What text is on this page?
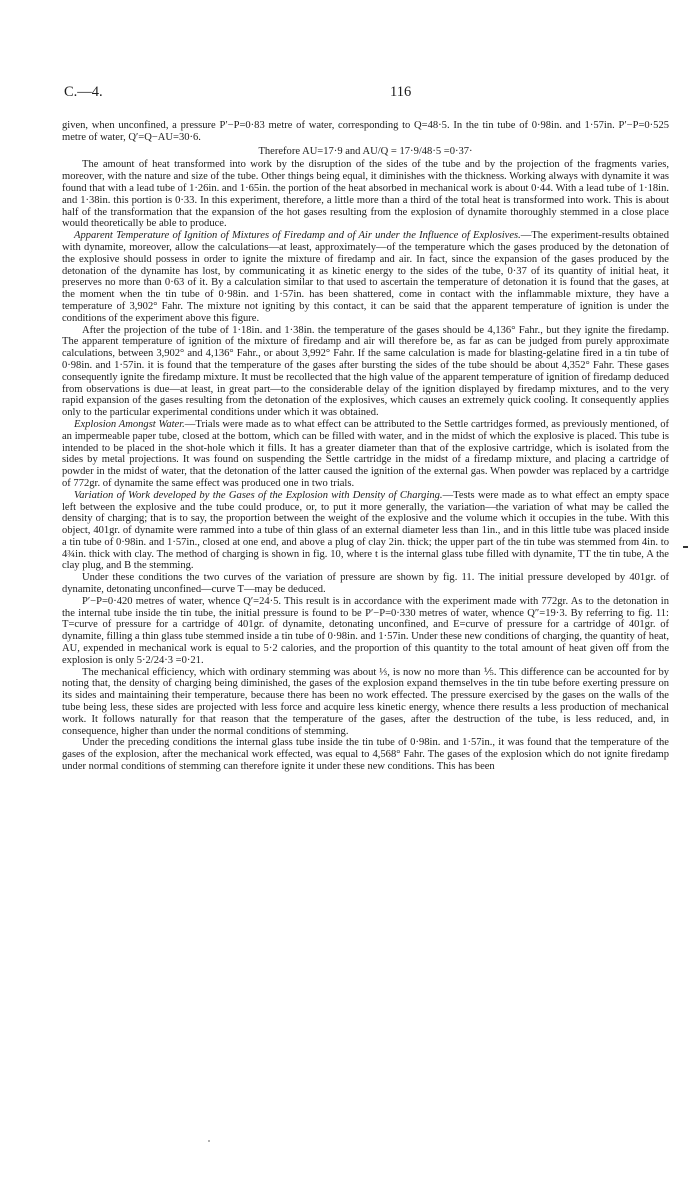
C.—4.	116

given, when unconfined, a pressure P′−P=0·83 metre of water, corresponding to Q=48·5. In the tin tube of 0·98in. and 1·57in. P′−P=0·525 metre of water, Q′=Q−AU=30·6.

Therefore AU=17·9 and AU/Q = 17·9/48·5 =0·37·

The amount of heat transformed into work by the disruption of the sides of the tube and by the projection of the fragments varies, moreover, with the nature and size of the tube. Other things being equal, it diminishes with the thickness. Working always with dynamite it was found that with a lead tube of 1·26in. and 1·65in. the portion of the heat absorbed in mechanical work is about 0·44. With a lead tube of 1·18in. and 1·38in. this portion is 0·33. In this experiment, therefore, a little more than a third of the total heat is transformed into work. This is about half of the transformation that the expansion of the hot gases resulting from the explosion of dynamite thoroughly stemmed in a close place would theoretically be able to produce.

Apparent Temperature of Ignition of Mixtures of Firedamp and of Air under the Influence of Explosives.—The experiment-results obtained with dynamite, moreover, allow the calculations—at least, approximately—of the temperature which the gases produced by the detonation of the explosive should possess in order to ignite the mixture of firedamp and air. In fact, since the expansion of the gases produced by the detonation of the dynamite has lost, by communicating it as kinetic energy to the sides of the tube, 0·37 of its quantity of initial heat, it preserves no more than 0·63 of it. By a calculation similar to that used to ascertain the temperature of detonation it is found that the gases, at the moment when the tin tube of 0·98in. and 1·57in. has been shattered, come in contact with the inflammable mixture, they have a temperature of 3,902° Fahr. The mixture not igniting by this contact, it can be said that the apparent temperature of ignition is under the conditions of the experiment above this figure.

After the projection of the tube of 1·18in. and 1·38in. the temperature of the gases should be 4,136° Fahr., but they ignite the firedamp. The apparent temperature of ignition of the mixture of firedamp and air will therefore be, as far as can be judged from purely approximate calculations, between 3,902° and 4,136° Fahr., or about 3,992° Fahr. If the same calculation is made for blasting-gelatine fired in a tin tube of 0·98in. and 1·57in. it is found that the temperature of the gases after bursting the sides of the tube should be about 4,352° Fahr. These gases consequently ignite the firedamp mixture. It must be recollected that the high value of the apparent temperature of ignition of firedamp deduced from observations is due—at least, in great part—to the considerable delay of the ignition displayed by firedamp mixtures, and to the very rapid expansion of the gases resulting from the detonation of the explosives, which causes an extremely quick cooling. It consequently applies only to the particular experimental conditions under which it was obtained.

Explosion Amongst Water.—Trials were made as to what effect can be attributed to the Settle cartridges formed, as previously mentioned, of an impermeable paper tube, closed at the bottom, which can be filled with water, and in the midst of which the explosive is placed. This tube is intended to be placed in the shot-hole which it fills. It has a greater diameter than that of the explosive cartridge, which is isolated from the sides by metal projections. It was found on suspending the Settle cartridge in the midst of a firedamp mixture, and placing a cartridge of powder in the midst of water, that the detonation of the latter caused the ignition of the external gas. When powder was replaced by a cartridge of 772gr. of dynamite the same effect was produced one in two trials.

Variation of Work developed by the Gases of the Explosion with Density of Charging.—Tests were made as to what effect an empty space left between the explosive and the tube could produce, or, to put it more generally, the variation—the variation of what may be called the density of charging; that is to say, the proportion between the weight of the explosive and the volume which it occupies in the tube. With this object, 401gr. of dynamite were rammed into a tube of thin glass of an external diameter less than 1in., and in this little tube was placed inside a tin tube of 0·98in. and 1·57in., closed at one end, and above a plug of clay 2in. thick; the upper part of the tin tube was stemmed from 4in. to 4¾in. thick with clay. The method of charging is shown in fig. 10, where t is the internal glass tube filled with dynamite, TT the tin tube, A the clay plug, and B the stemming.

Under these conditions the two curves of the variation of pressure are shown by fig. 11. The initial pressure developed by 401gr. of dynamite, detonating unconfined—curve T—may be deduced.

P′−P=0·420 metres of water, whence Q′=24·5. This result is in accordance with the experiment made with 772gr. As to the detonation in the internal tube inside the tin tube, the initial pressure is found to be P′−P=0·330 metres of water, whence Q″=19·3. By referring to fig. 11: T=curve of pressure for a cartridge of 401gr. of dynamite, detonating unconfined, and E=curve of pressure for a cartridge of 401gr. of dynamite, filling a thin glass tube stemmed inside a tin tube of 0·98in. and 1·57in. Under these new conditions of charging, the quantity of heat, AU, expended in mechanical work is equal to 5·2 calories, and the proportion of this quantity to the total amount of heat given off from the explosion is only 5·2/24·3 =0·21.

The mechanical efficiency, which with ordinary stemming was about ⅓, is now no more than ⅕. This difference can be accounted for by noting that, the density of charging being diminished, the gases of the explosion expand themselves in the tin tube before exerting pressure on its sides and maintaining their temperature, because there has been no work effected. The pressure exercised by the gases on the walls of the tube being less, these sides are projected with less force and acquire less kinetic energy, whence there results a less production of mechanical work. It follows naturally for that reason that the temperature of the gases, after the destruction of the tube, is less reduced, and, in consequence, higher than under the normal conditions of stemming.

Under the preceding conditions the internal glass tube inside the tin tube of 0·98in. and 1·57in., it was found that the temperature of the gases of the explosion, after the mechanical work effected, was equal to 4,568° Fahr. The gases of the explosion which do not ignite firedamp under normal conditions of stemming can therefore ignite it under these new conditions. This has been
